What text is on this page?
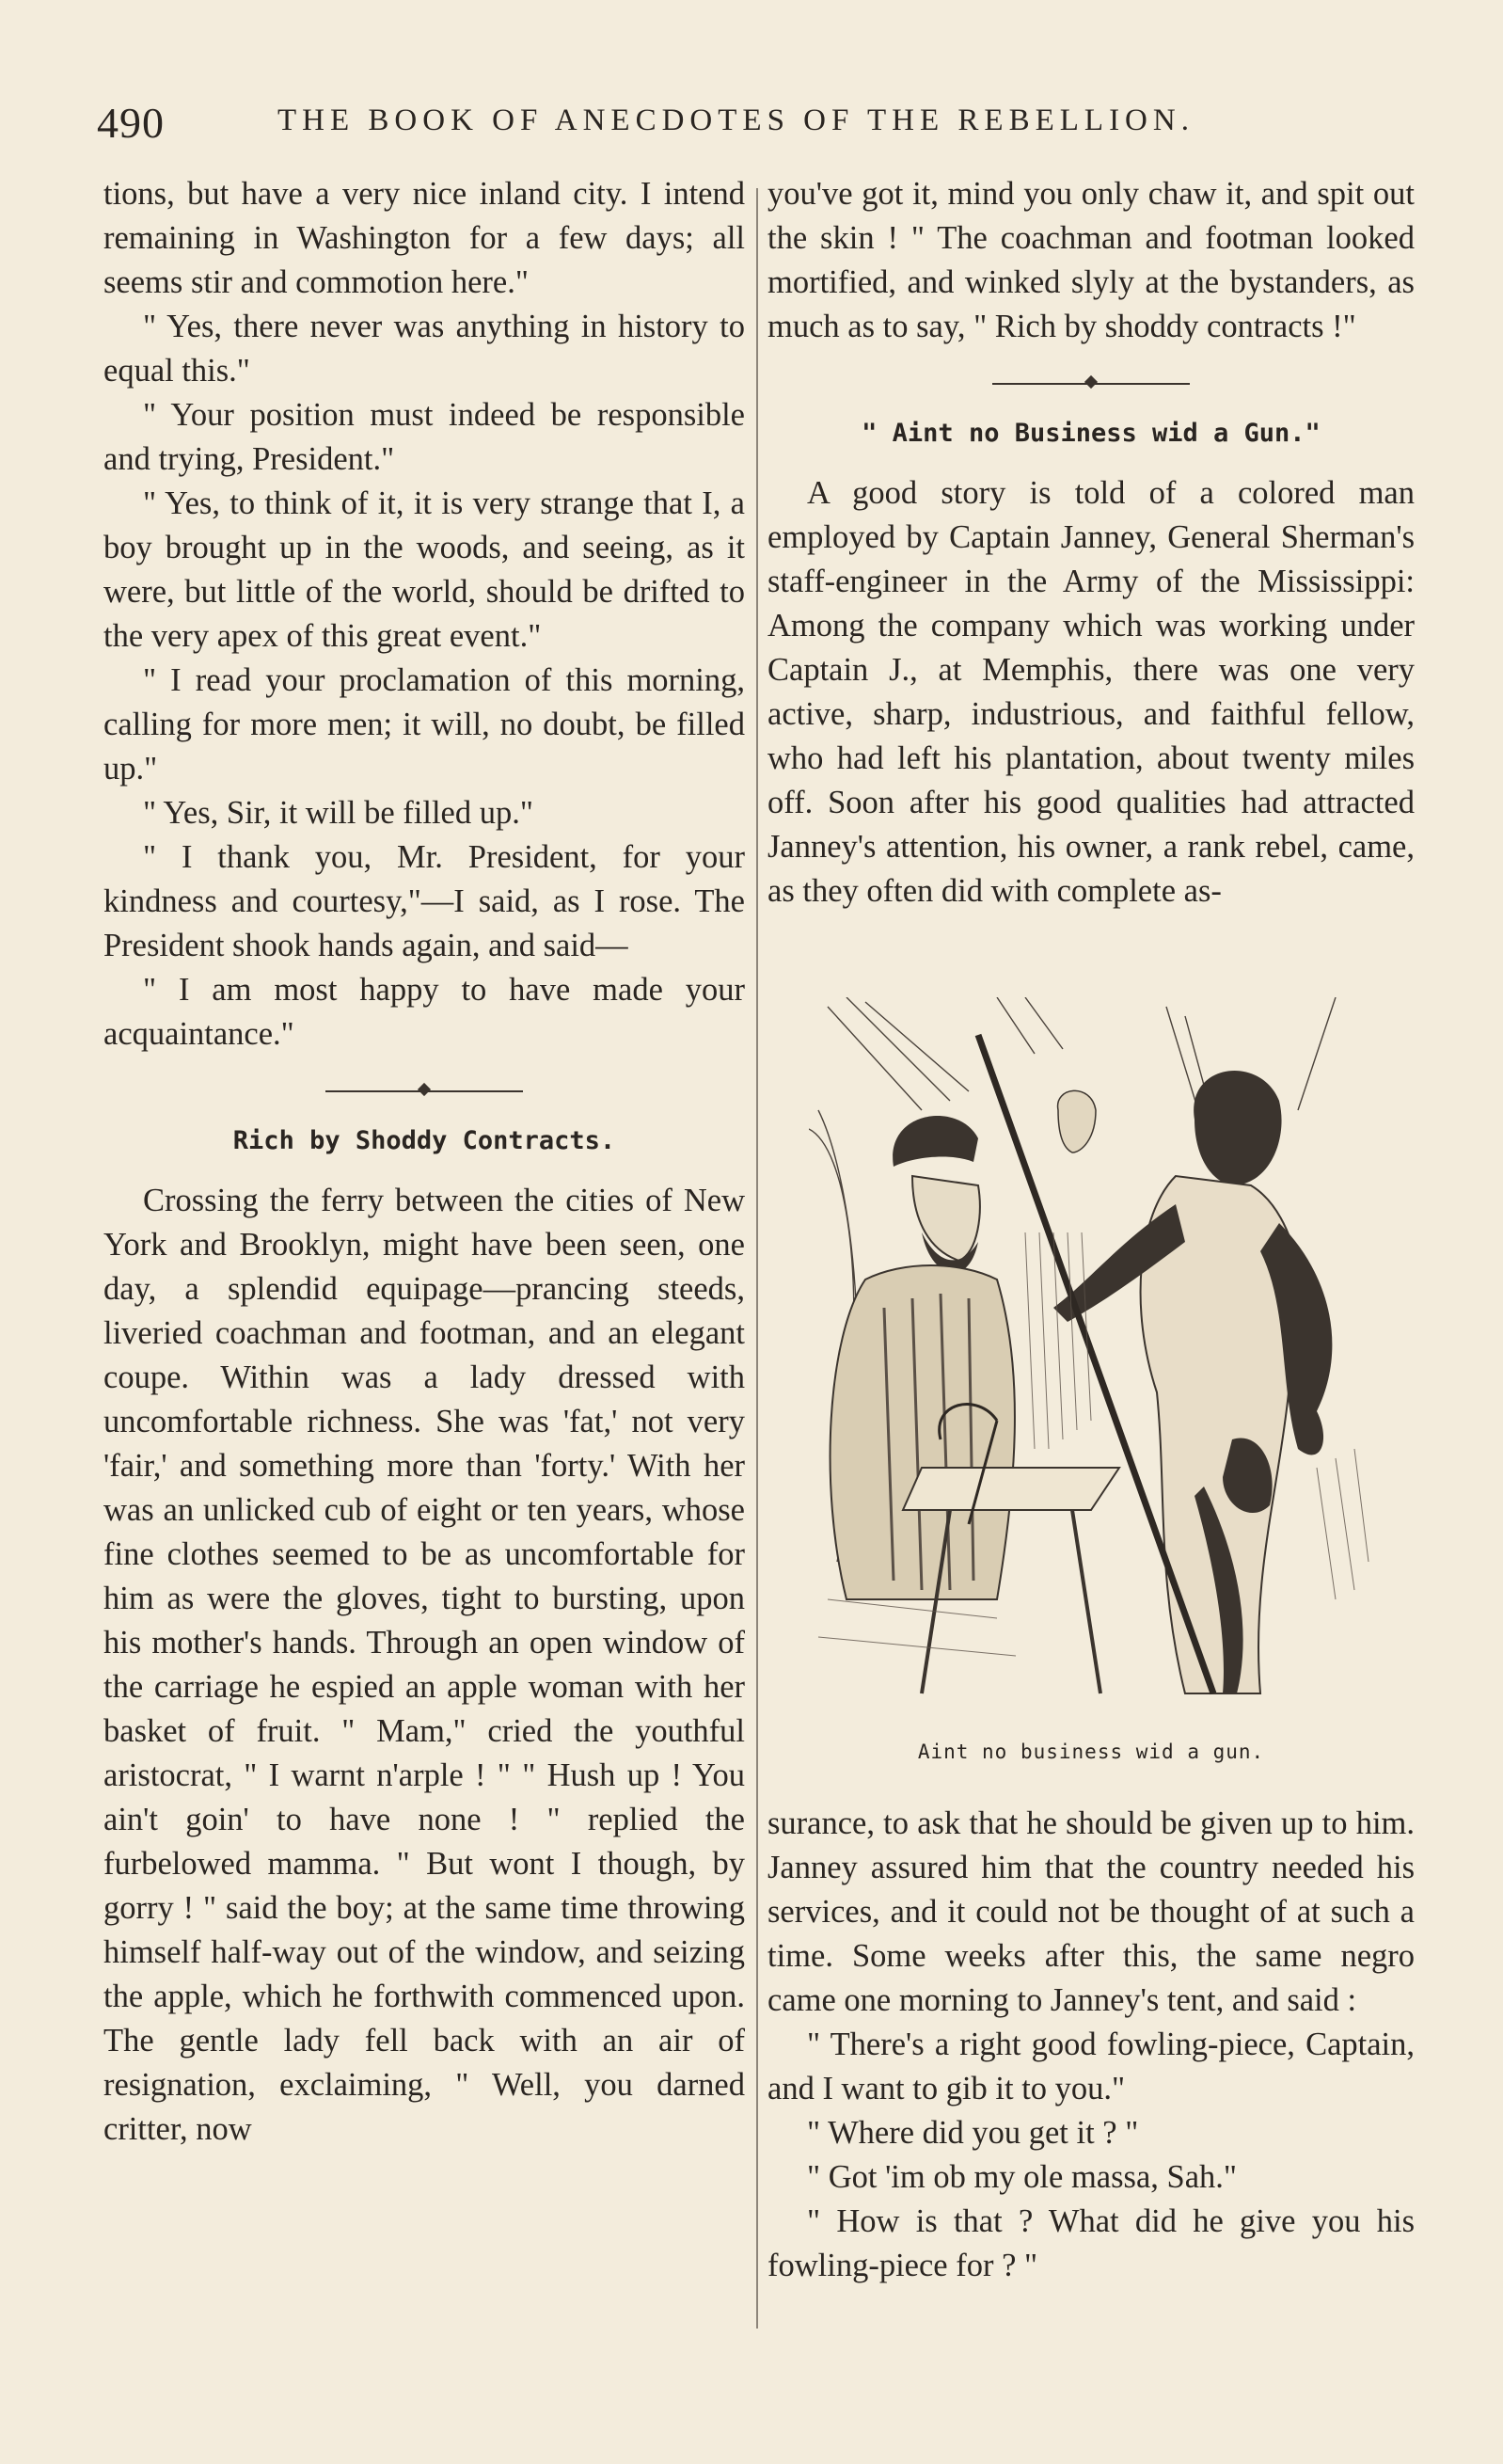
490	THE BOOK OF ANECDOTES OF THE REBELLION.

tions, but have a very nice inland city. I intend remaining in Washington for a few days; all seems stir and commotion here."

" Yes, there never was anything in history to equal this."

" Your position must indeed be responsible and trying, President."

" Yes, to think of it, it is very strange that I, a boy brought up in the woods, and seeing, as it were, but little of the world, should be drifted to the very apex of this great event."

" I read your proclamation of this morning, calling for more men; it will, no doubt, be filled up."

" Yes, Sir, it will be filled up."

" I thank you, Mr. President, for your kindness and courtesy,"—I said, as I rose. The President shook hands again, and said—

" I am most happy to have made your acquaintance."

Rich by Shoddy Contracts.

Crossing the ferry between the cities of New York and Brooklyn, might have been seen, one day, a splendid equipage—prancing steeds, liveried coachman and footman, and an elegant coupe. Within was a lady dressed with uncomfortable richness. She was 'fat,' not very 'fair,' and something more than 'forty.' With her was an unlicked cub of eight or ten years, whose fine clothes seemed to be as uncomfortable for him as were the gloves, tight to bursting, upon his mother's hands. Through an open window of the carriage he espied an apple woman with her basket of fruit. " Mam," cried the youthful aristocrat, " I warnt n'arple ! " " Hush up ! You ain't goin' to have none ! " replied the furbelowed mamma. " But wont I though, by gorry ! " said the boy; at the same time throwing himself half-way out of the window, and seizing the apple, which he forthwith commenced upon. The gentle lady fell back with an air of resignation, exclaiming, " Well, you darned critter, now

you've got it, mind you only chaw it, and spit out the skin ! " The coachman and footman looked mortified, and winked slyly at the bystanders, as much as to say, " Rich by shoddy contracts !"

" Aint no Business wid a Gun."

A good story is told of a colored man employed by Captain Janney, General Sherman's staff-engineer in the Army of the Mississippi: Among the company which was working under Captain J., at Memphis, there was one very active, sharp, industrious, and faithful fellow, who had left his plantation, about twenty miles off. Soon after his good qualities had attracted Janney's attention, his owner, a rank rebel, came, as they often did with complete as-

Aint no business wid a gun.

surance, to ask that he should be given up to him. Janney assured him that the country needed his services, and it could not be thought of at such a time. Some weeks after this, the same negro came one morning to Janney's tent, and said :

" There's a right good fowling-piece, Captain, and I want to gib it to you."

" Where did you get it ? "

" Got 'im ob my ole massa, Sah."

" How is that ? What did he give you his fowling-piece for ? "
